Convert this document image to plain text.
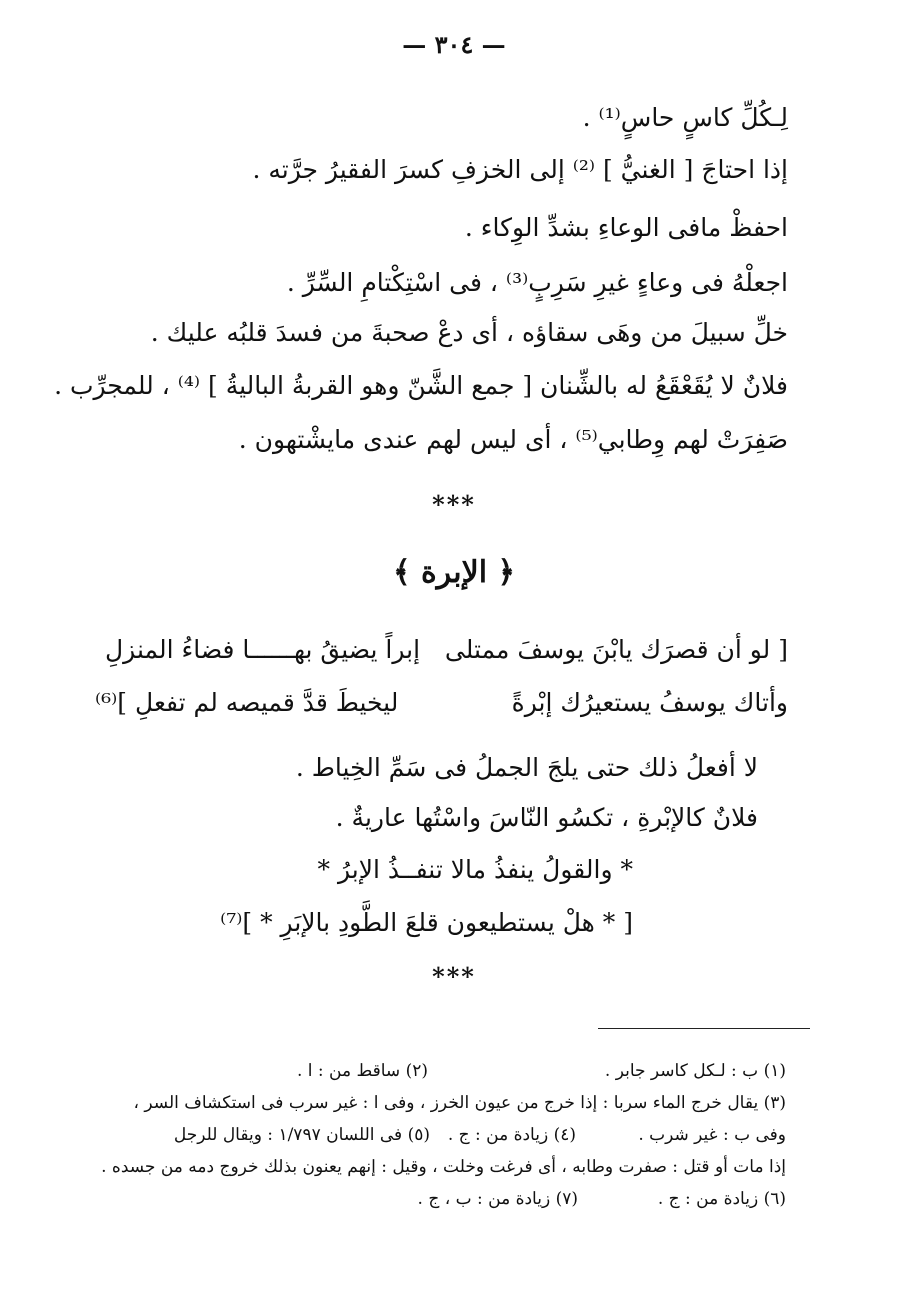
— ٣٠٤ —
لِـكُلِّ كاسٍ حاسٍ⁽¹⁾ .
إذا احتاجَ [ الغنيُّ ] ⁽²⁾ إلى الخزفِ كسرَ الفقيرُ جرَّته .
احفظْ مافى الوعاءِ بشدِّ الوِكاء .
اجعلْهُ فى وعاءٍ غيرِ سَرِبٍ⁽³⁾ ، فى اسْتِكْتامِ السِّرِّ .
خلِّ سبيلَ من وهَى سقاؤه ، أى دعْ صحبةَ من فسدَ قلبُه عليك .
فلانٌ لا يُقَعْقَعُ له بالشِّنان [ جمع الشَّنّ وهو القربةُ الباليةُ ] ⁽⁴⁾ ، للمجرِّب .
صَفِرَتْ لهم وِطابي⁽⁵⁾ ، أى ليس لهم عندى مايشْتهون .
***
﴿ الإبرة ﴾
[ لو أن قصرَك يابْنَ يوسفَ ممتلى
إبراً يضيقُ بهــــــا فضاءُ المنزلِ
وأتاك يوسفُ يستعيرُك إبْرةً
ليخيطَ قدَّ قميصه لم تفعلِ ]⁽⁶⁾
لا أفعلُ ذلك حتى يلجَ الجملُ فى سَمِّ الخِياط .
فلانٌ كالإبْرةِ ، تكسُو النّاسَ واسْتُها عاريةٌ .
* والقولُ ينفذُ مالا تنفــذُ الإبرُ *
[ * هلْ يستطيعون قلعَ الطَّودِ بالإبَرِ * ]⁽⁷⁾
***
(١) ب : لـكل كاسر جابر .
(٢) ساقط من : ا .
(٣) يقال خرج الماء سربا : إذا خرج من عيون الخرز ، وفى ا : غير سرب فى استكشاف السر ،
وفى ب : غير شرب .
(٤) زيادة من : ج .
(٥) فى اللسان ١/٧٩٧ : ويقال للرجل
إذا مات أو قتل : صفرت وطابه ، أى فرغت وخلت ، وقيل : إنهم يعنون بذلك خروج دمه من جسده .
(٦) زيادة من : ج .
(٧) زيادة من : ب ، ج .
